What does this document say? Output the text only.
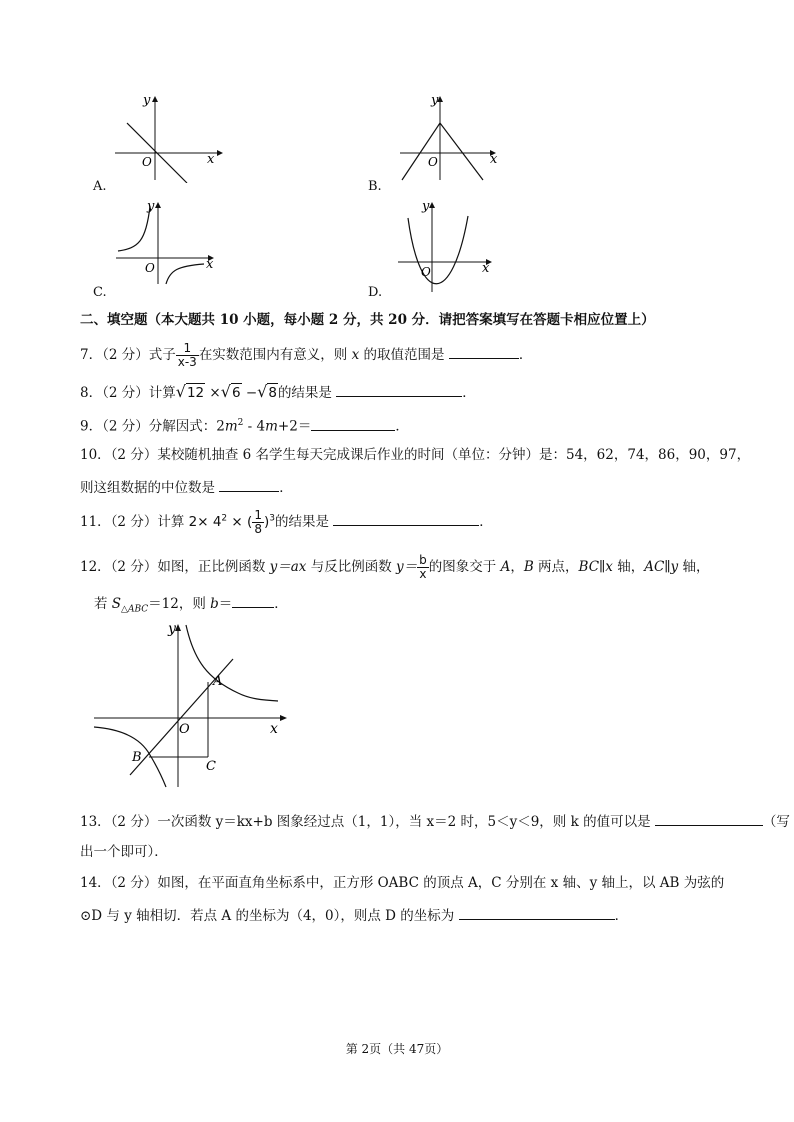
y
x
O
A.
y
x
O
B.
y
x
O
C.
y
x
O
D.
二、填空题（本大题共 10 小题，每小题 2 分，共 20 分．请把答案填写在答题卡相应位置上）
7．（2 分）式子 $\frac{1}{x-3}$ 在实数范围内有意义，则 x 的取值范围是	．
8．（2 分）计算√12 ×√6 −√8的结果是	．
9．（2 分）分解因式：$2m^2 - 4m+2=$	．
10．（2 分）某校随机抽查 6 名学生每天完成课后作业的时间（单位：分钟）是：54，62，74，86，90，97，
则这组数据的中位数是	．
11．（2 分）计算 $2\times 4^2$ × ( $\frac{1}{8} )^3$的结果是	．
12．（2 分）如图，正比例函数 y＝ax 与反比例函数 $y= \frac{b}{x}$ 的图象交于 A，B 两点，BC∥x 轴，AC∥y 轴，
若 $S_{\triangle ABC}=12$，则 b＝	．
y
x
O
A
B
C
13．（2 分）一次函数 y＝kx+b 图象经过点（1，1），当 x＝2 时，5＜y＜9，则 k 的值可以是	（写
出一个即可）．
14．（2 分）如图，在平面直角坐标系中，正方形 OABC 的顶点 A，C 分别在 x 轴、y 轴上，以 AB 为弦的
⊙D 与 y 轴相切．若点 A 的坐标为（4，0），则点 D 的坐标为	．
第 2页（共 47页）
